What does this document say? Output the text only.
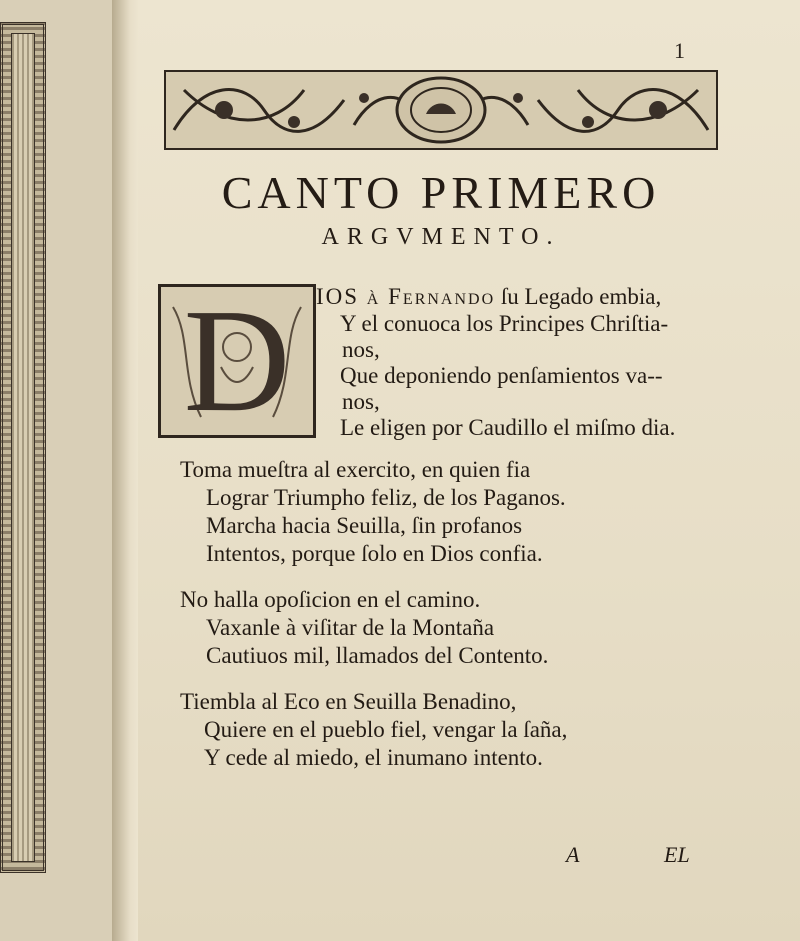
1
CANTO PRIMERO
ARGVMENTO.
D	IOS à Fernando ſu Legado embia,
Y el conuoca los Principes Chriſtia-
nos,
Que deponiendo penſamientos va--
nos,
Le eligen por Caudillo el miſmo dia.
Toma mueſtra al exercito, en quien fia
Lograr Triumpho feliz, de los Paganos.
Marcha hacia Seuilla, ſin profanos
Intentos, porque ſolo en Dios confia.
No halla opoſicion en el camino.
Vaxanle à viſitar de la Montaña
Cautiuos mil, llamados del Contento.
Tiembla al Eco en Seuilla Benadino,
Quiere en el pueblo fiel, vengar la ſaña,
Y cede al miedo, el inumano intento.
A	EL
